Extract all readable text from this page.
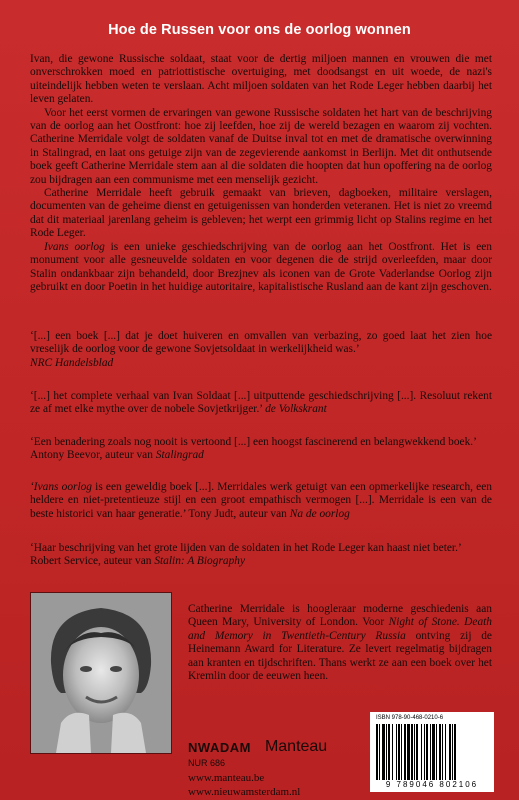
Hoe de Russen voor ons de oorlog wonnen

Ivan, die gewone Russische soldaat, staat voor de dertig miljoen mannen en vrouwen die met onverschrokken moed en patriottistische overtuiging, met doodsangst en uit woede, de nazi's uiteindelijk hebben weten te verslaan. Acht miljoen soldaten van het Rode Leger hebben daarbij het leven gelaten.

Voor het eerst vormen de ervaringen van gewone Russische soldaten het hart van de beschrijving van de oorlog aan het Oostfront: hoe zij leefden, hoe zij de wereld bezagen en waarom zij vochten. Catherine Merridale volgt de soldaten vanaf de Duitse inval tot en met de dramatische overwinning in Stalingrad, en laat ons getuige zijn van de zegevierende aankomst in Berlijn. Met dit onthutsende boek geeft Catherine Merridale stem aan al die soldaten die hoopten dat hun opoffering na de oorlog zou bijdragen aan een communisme met een menselijk gezicht.

Catherine Merridale heeft gebruik gemaakt van brieven, dagboeken, militaire verslagen, documenten van de geheime dienst en getuigenissen van honderden veteranen. Het is niet zo vreemd dat dit materiaal jarenlang geheim is gebleven; het werpt een grimmig licht op Stalins regime en het Rode Leger.

Ivans oorlog is een unieke geschiedschrijving van de oorlog aan het Oostfront. Het is een monument voor alle gesneuvelde soldaten en voor degenen die de strijd overleefden, maar door Stalin ondankbaar zijn behandeld, door Brezjnev als iconen van de Grote Vaderlandse Oorlog zijn gebruikt en door Poetin in het huidige autoritaire, kapitalistische Rusland aan de kant zijn geschoven.

‘[...] een boek [...] dat je doet huiveren en omvallen van verbazing, zo goed laat het zien hoe vreselijk de oorlog voor de gewone Sovjetsoldaat in werkelijkheid was.’
NRC Handelsblad
‘[...] het complete verhaal van Ivan Soldaat [...] uitputtende geschiedschrijving [...]. Resoluut rekent ze af met elke mythe over de nobele Sovjetkrijger.’ de Volkskrant
‘Een benadering zoals nog nooit is vertoond [...] een hoogst fascinerend en belangwekkend boek.’
Antony Beevor, auteur van Stalingrad
‘Ivans oorlog is een geweldig boek [...]. Merridales werk getuigt van een opmerkelijke research, een heldere en niet-pretentieuze stijl en een groot empathisch vermogen [...]. Merridale is een van de beste historici van haar generatie.’ Tony Judt, auteur van Na de oorlog
‘Haar beschrijving van het grote lijden van de soldaten in het Rode Leger kan haast niet beter.’
Robert Service, auteur van Stalin: A Biography
Catherine Merridale is hoogleraar moderne geschiedenis aan Queen Mary, University of London. Voor Night of Stone. Death and Memory in Twentieth-Century Russia ontving zij de Heinemann Award for Literature. Ze levert regelmatig bijdragen aan kranten en tijdschriften. Thans werkt ze aan een boek over het Kremlin door de eeuwen heen.
ISBN 978-90-468-0210-6
9 789046 802106
NWADAM Manteau
NUR 686
www.manteau.be
www.nieuwamsterdam.nl
